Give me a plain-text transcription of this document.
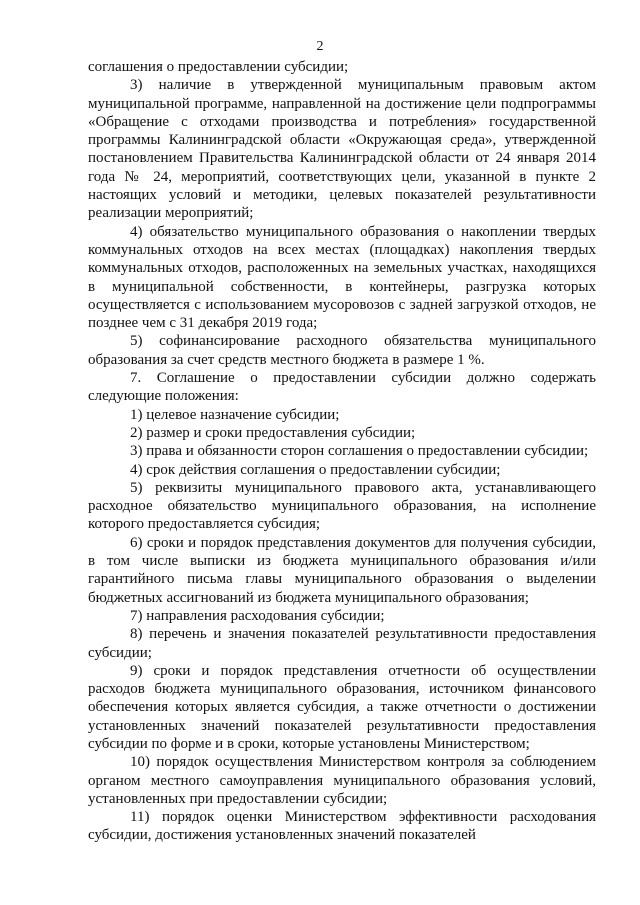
2

соглашения о предоставлении субсидии;

3) наличие в утвержденной муниципальным правовым актом муниципальной программе, направленной на достижение цели подпрограммы «Обращение с отходами производства и потребления» государственной программы Калининградской области «Окружающая среда», утвержденной постановлением Правительства Калининградской области от 24 января 2014 года № 24, мероприятий, соответствующих цели, указанной в пункте 2 настоящих условий и методики, целевых показателей результативности реализации мероприятий;

4) обязательство муниципального образования о накоплении твердых коммунальных отходов на всех местах (площадках) накопления твердых коммунальных отходов, расположенных на земельных участках, находящихся в муниципальной собственности, в контейнеры, разгрузка которых осуществляется с использованием мусоровозов с задней загрузкой отходов, не позднее чем с 31 декабря 2019 года;

5) софинансирование расходного обязательства муниципального образования за счет средств местного бюджета в размере 1 %.

7. Соглашение о предоставлении субсидии должно содержать следующие положения:

1) целевое назначение субсидии;

2) размер и сроки предоставления субсидии;

3) права и обязанности сторон соглашения о предоставлении субсидии;

4) срок действия соглашения о предоставлении субсидии;

5) реквизиты муниципального правового акта, устанавливающего расходное обязательство муниципального образования, на исполнение которого предоставляется субсидия;

6) сроки и порядок представления документов для получения субсидии, в том числе выписки из бюджета муниципального образования и/или гарантийного письма главы муниципального образования о выделении бюджетных ассигнований из бюджета муниципального образования;

7) направления расходования субсидии;

8) перечень и значения показателей результативности предоставления субсидии;

9) сроки и порядок представления отчетности об осуществлении расходов бюджета муниципального образования, источником финансового обеспечения которых является субсидия, а также отчетности о достижении установленных значений показателей результативности предоставления субсидии по форме и в сроки, которые установлены Министерством;

10) порядок осуществления Министерством контроля за соблюдением органом местного самоуправления муниципального образования условий, установленных при предоставлении субсидии;

11) порядок оценки Министерством эффективности расходования субсидии, достижения установленных значений показателей
